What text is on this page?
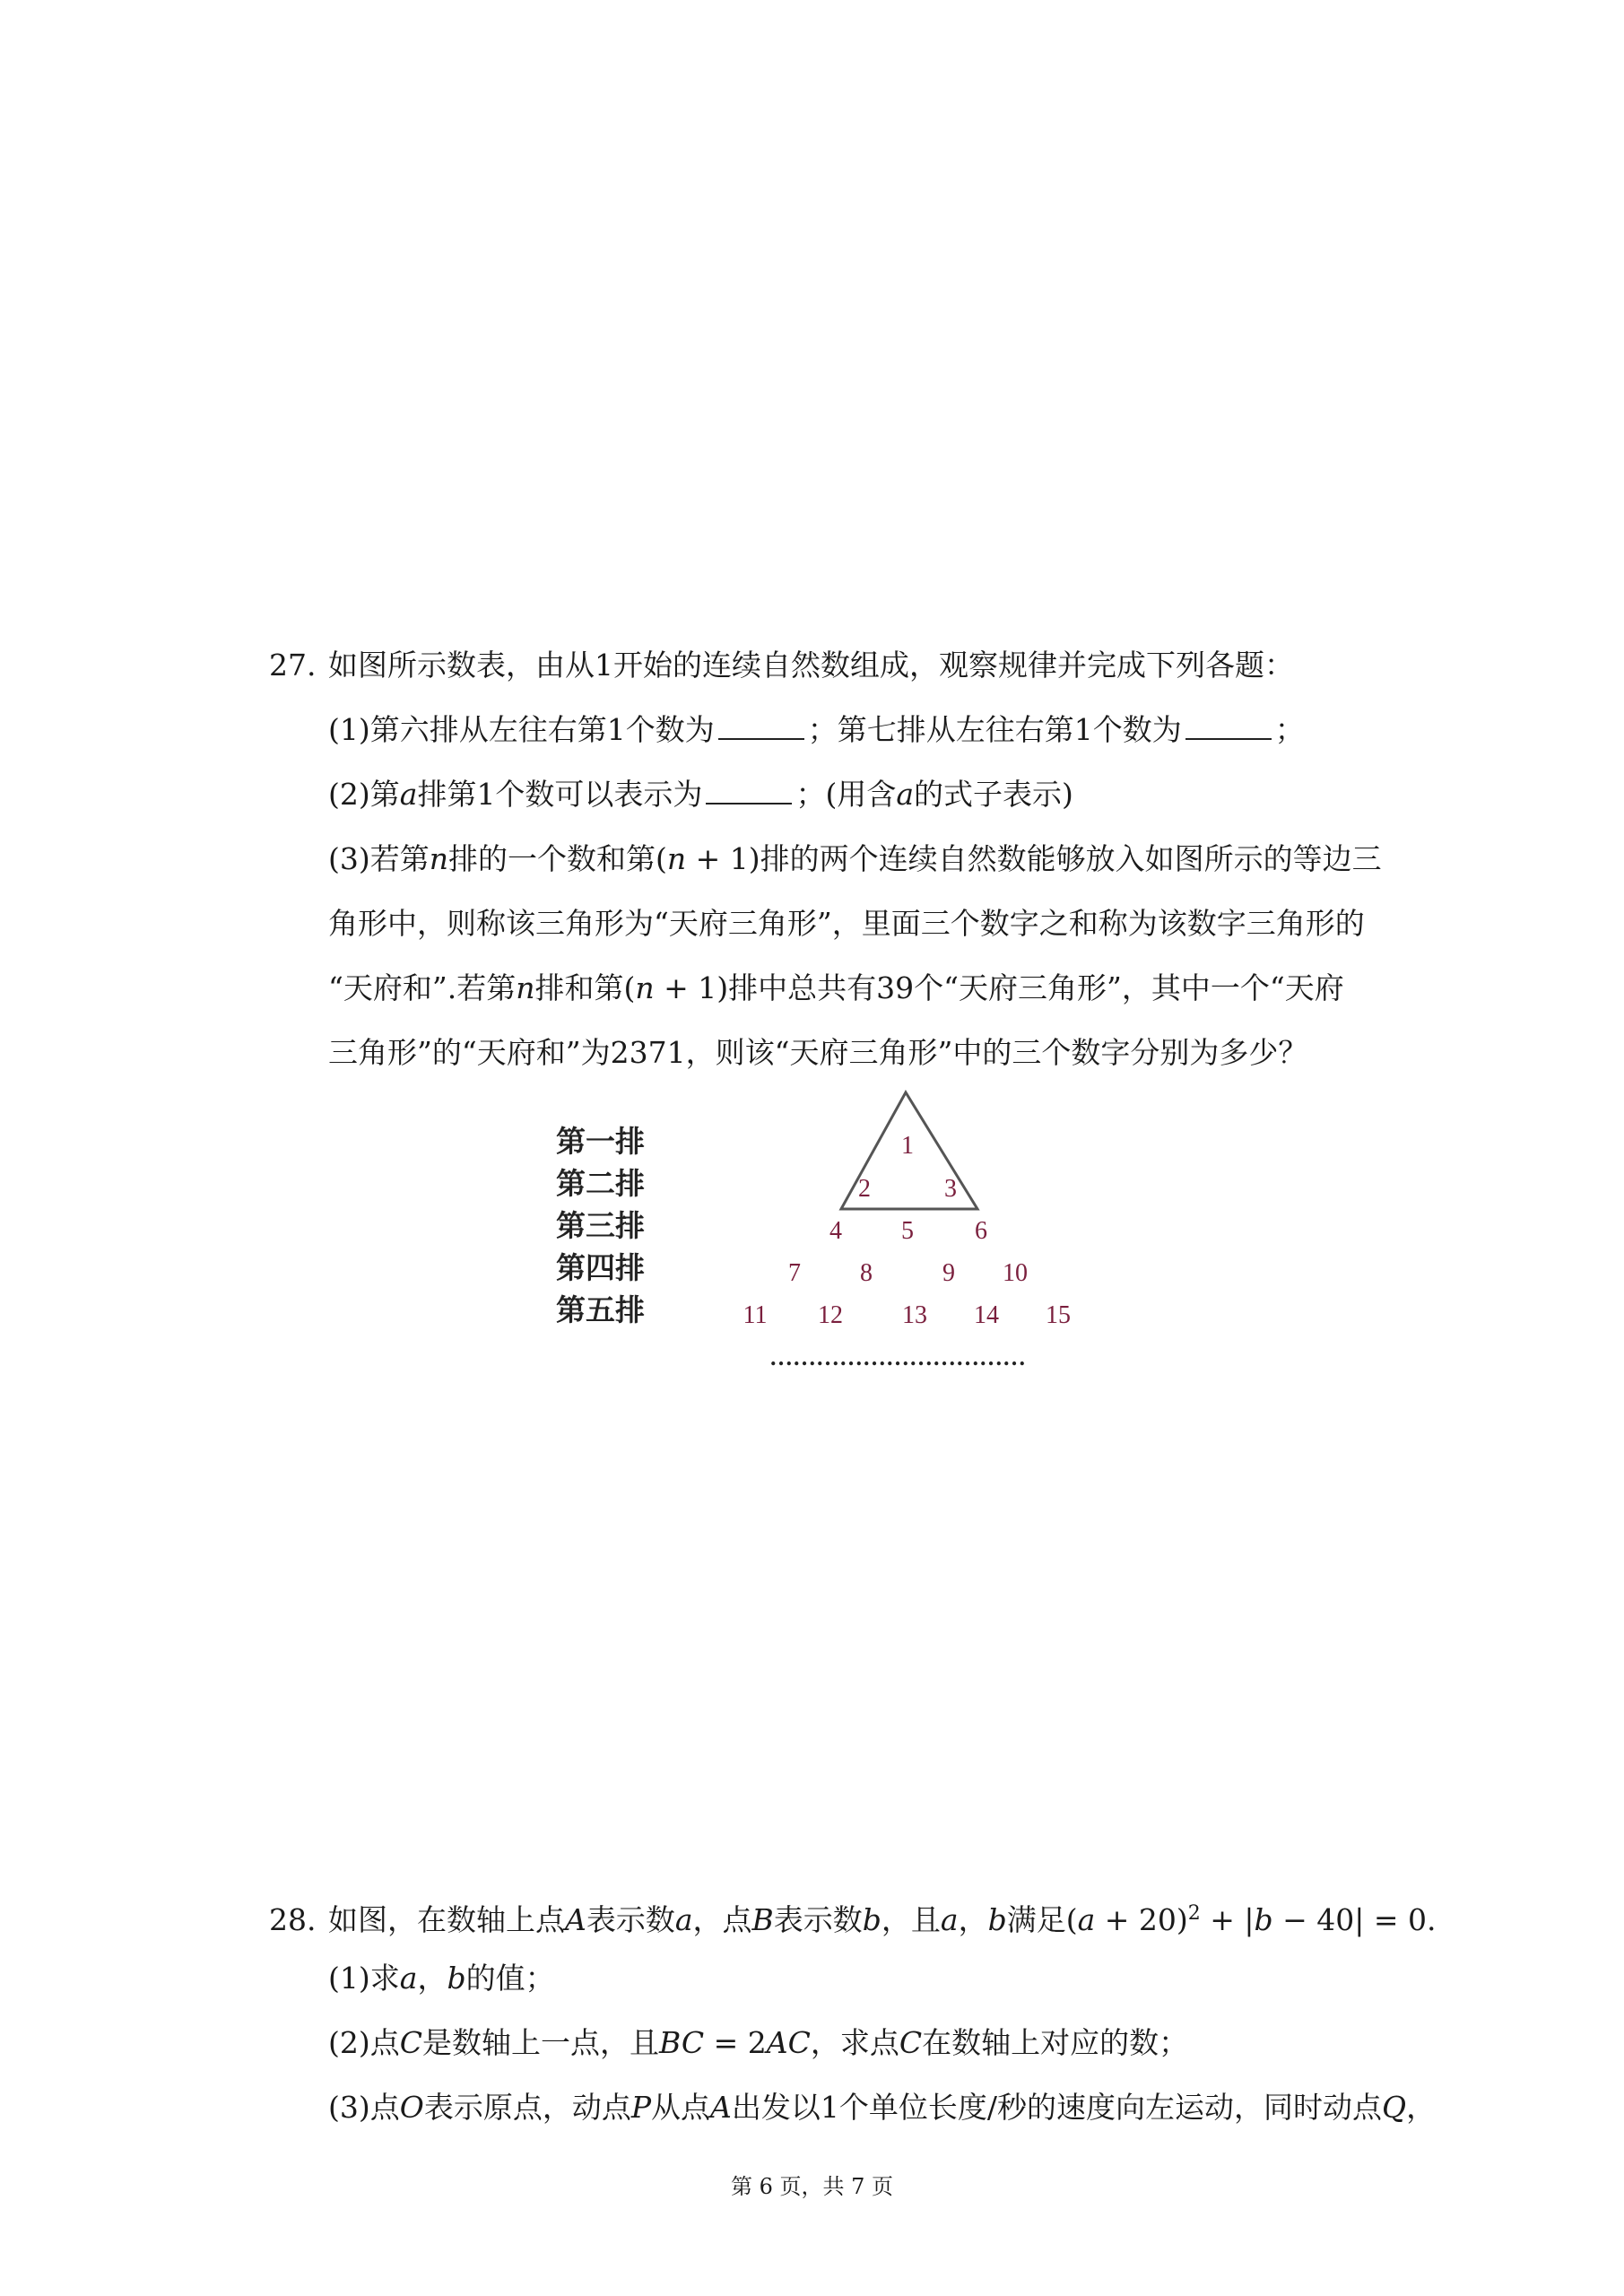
27. 如图所示数表，由从1开始的连续自然数组成，观察规律并完成下列各题：
(1)第六排从左往右第1个数为	；第七排从左往右第1个数为	；
(2)第a排第1个数可以表示为	；(用含a的式子表示)
(3)若第n排的一个数和第(n + 1)排的两个连续自然数能够放入如图所示的等边三
角形中，则称该三角形为“天府三角形”，里面三个数字之和称为该数字三角形的
“天府和”.若第n排和第(n + 1)排中总共有39个“天府三角形”，其中一个“天府
三角形”的“天府和”为2371，则该“天府三角形”中的三个数字分别为多少？
第一排
第二排
第三排
第四排
第五排
1
2	3
4 5 6
7 8	9 10
11 12 13 14 15
……………………………
28. 如图，在数轴上点A表示数a，点B表示数b，且a，b满足$(a + 20)^2 + |b - 40| = 0$.
(1)求a，b的值；
(2)点C是数轴上一点，且BC = 2AC，求点C在数轴上对应的数；
(3)点O表示原点，动点P从点A出发以1个单位长度/秒的速度向左运动，同时动点Q，
第 6 页，共 7 页
